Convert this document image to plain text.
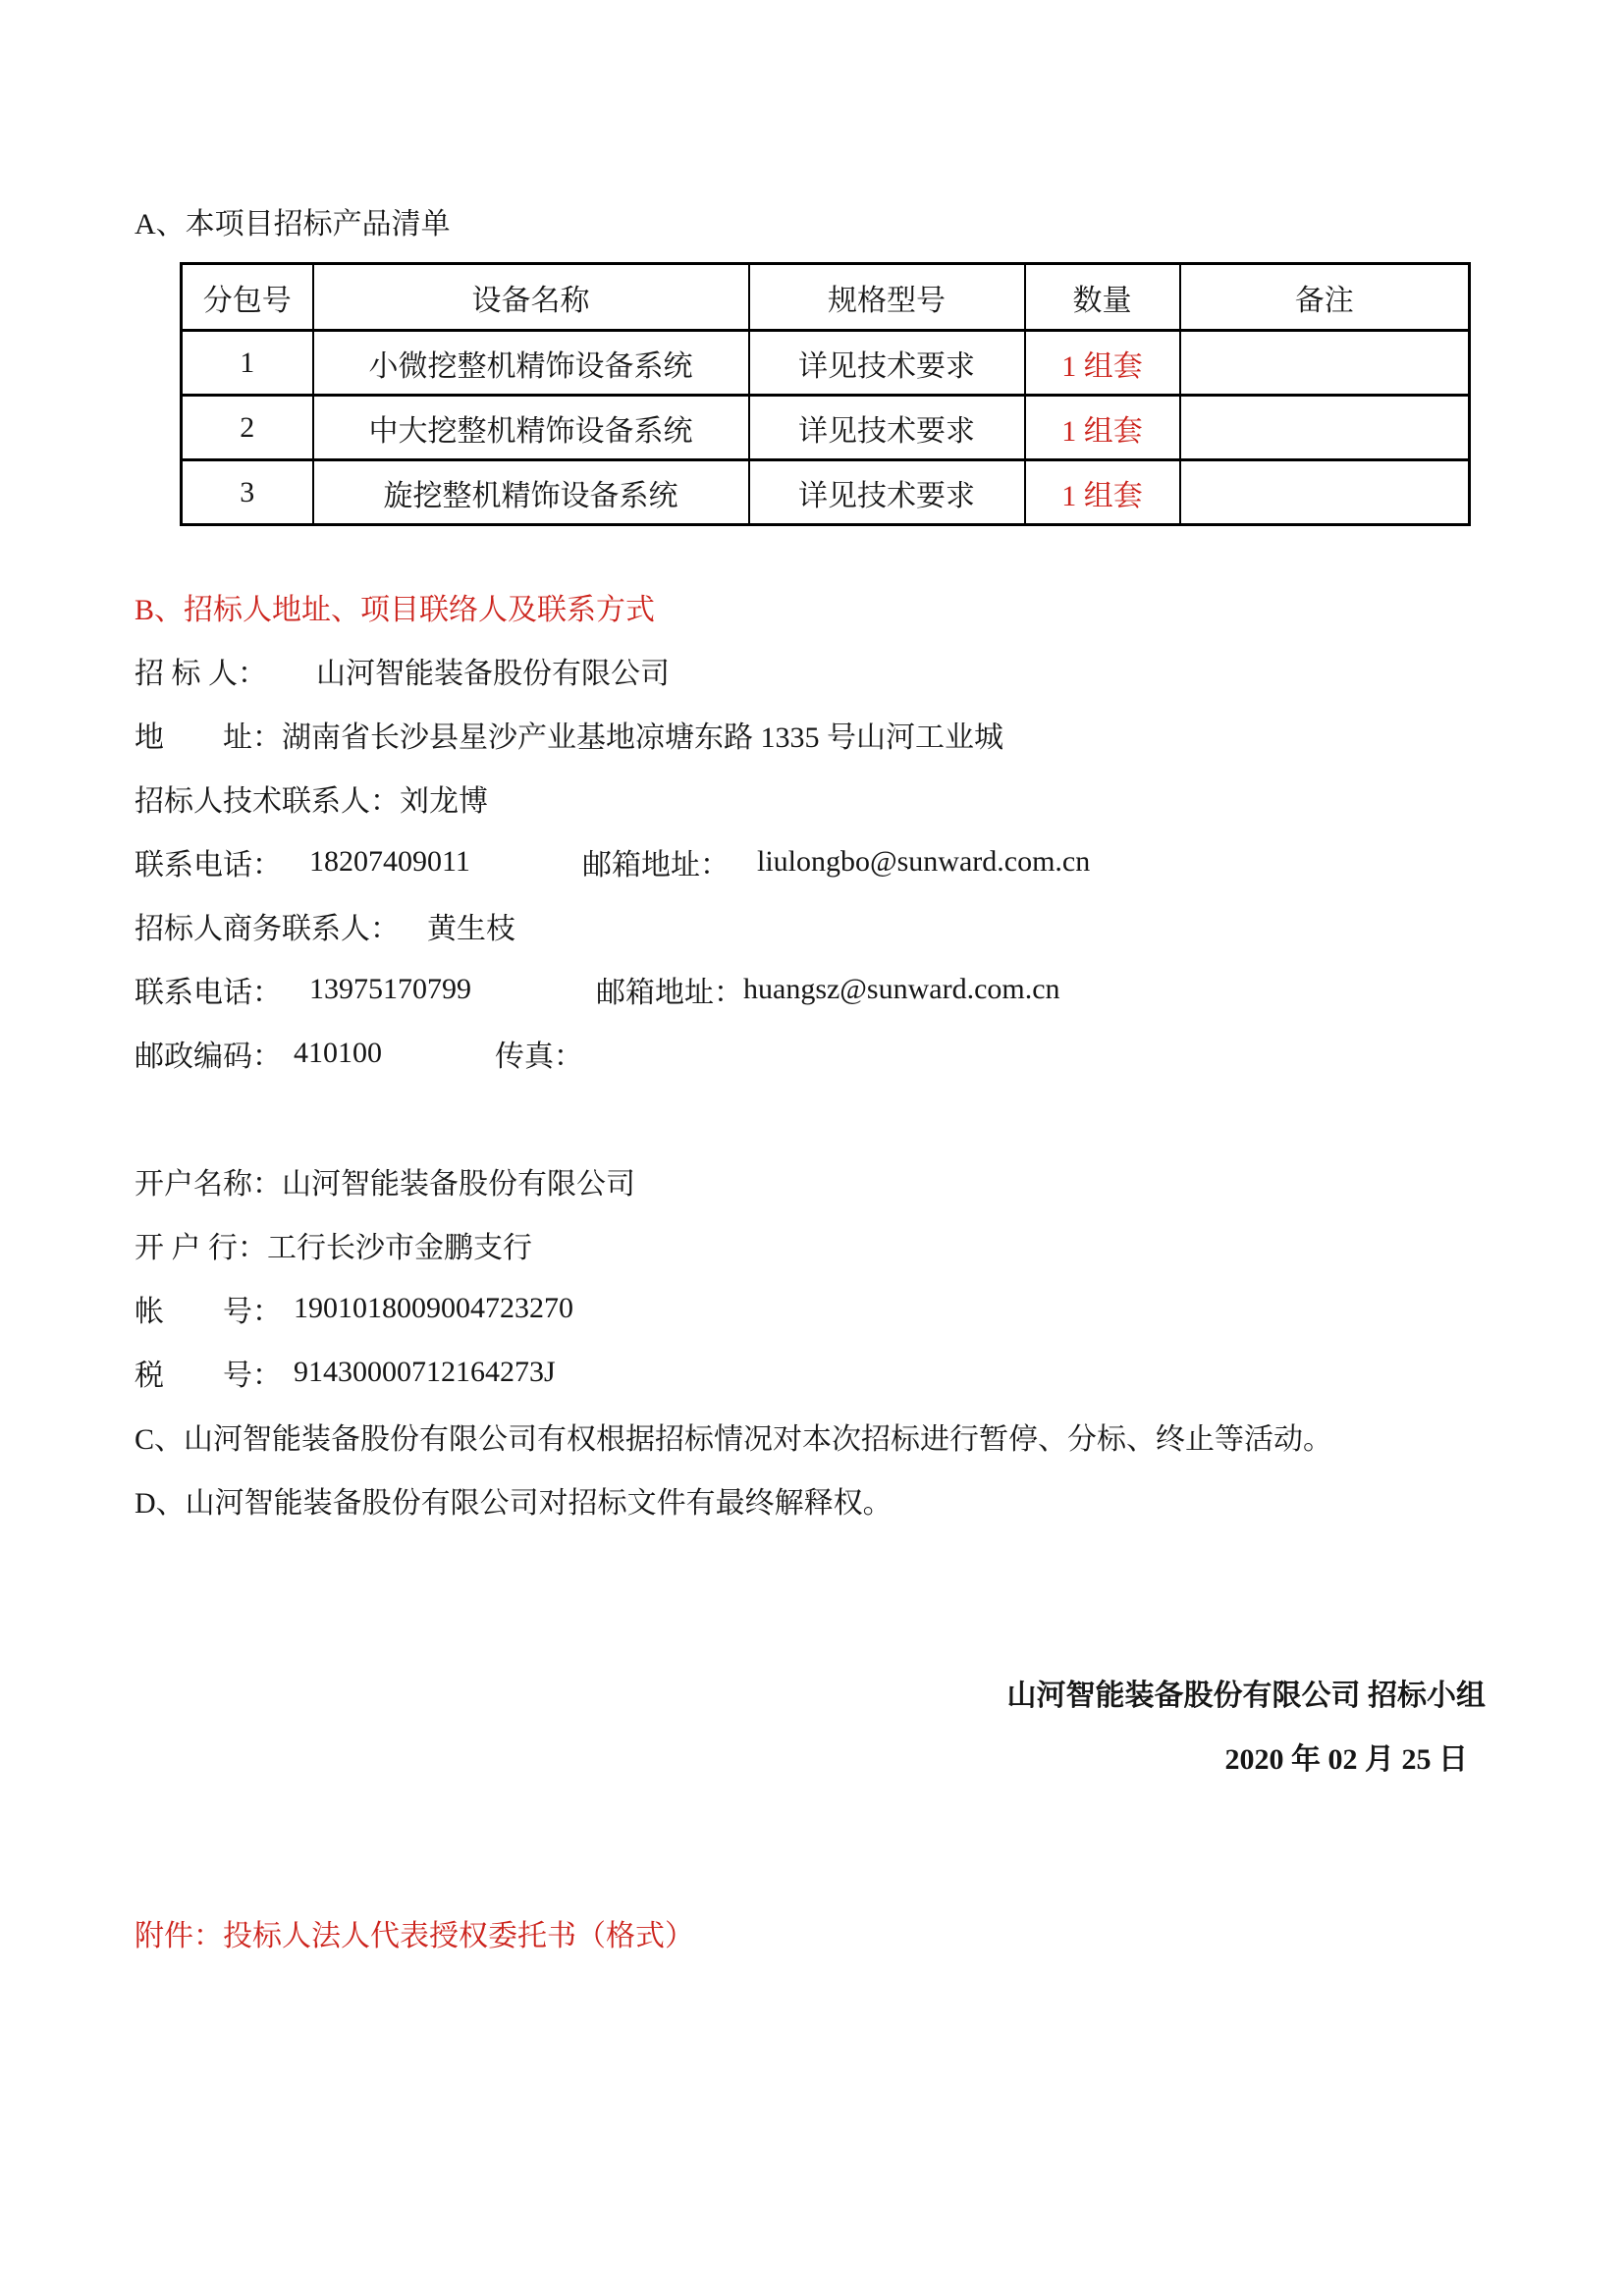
A、本项目招标产品清单
分包号	设备名称	规格型号	数量	备注
1	小微挖整机精饰设备系统	详见技术要求	1 组套	
2	中大挖整机精饰设备系统	详见技术要求	1 组套	
3	旋挖整机精饰设备系统	详见技术要求	1 组套	
B、招标人地址、项目联络人及联系方式
招 标 人： 山河智能装备股份有限公司
地　　址： 湖南省长沙县星沙产业基地凉塘东路 1335 号山河工业城
招标人技术联系人： 刘龙博
联系电话： 18207409011	邮箱地址： liulongbo@sunward.com.cn
招标人商务联系人： 黄生枝
联系电话： 13975170799	邮箱地址： huangsz@sunward.com.cn
邮政编码： 410100	传真：
开户名称： 山河智能装备股份有限公司
开 户 行： 工行长沙市金鹏支行
帐　　号： 1901018009004723270
税　　号： 91430000712164273J
C、山河智能装备股份有限公司有权根据招标情况对本次招标进行暂停、分标、终止等活动。
D、山河智能装备股份有限公司对招标文件有最终解释权。
山河智能装备股份有限公司 招标小组
2020 年 02 月 25 日
附件：投标人法人代表授权委托书（格式）
